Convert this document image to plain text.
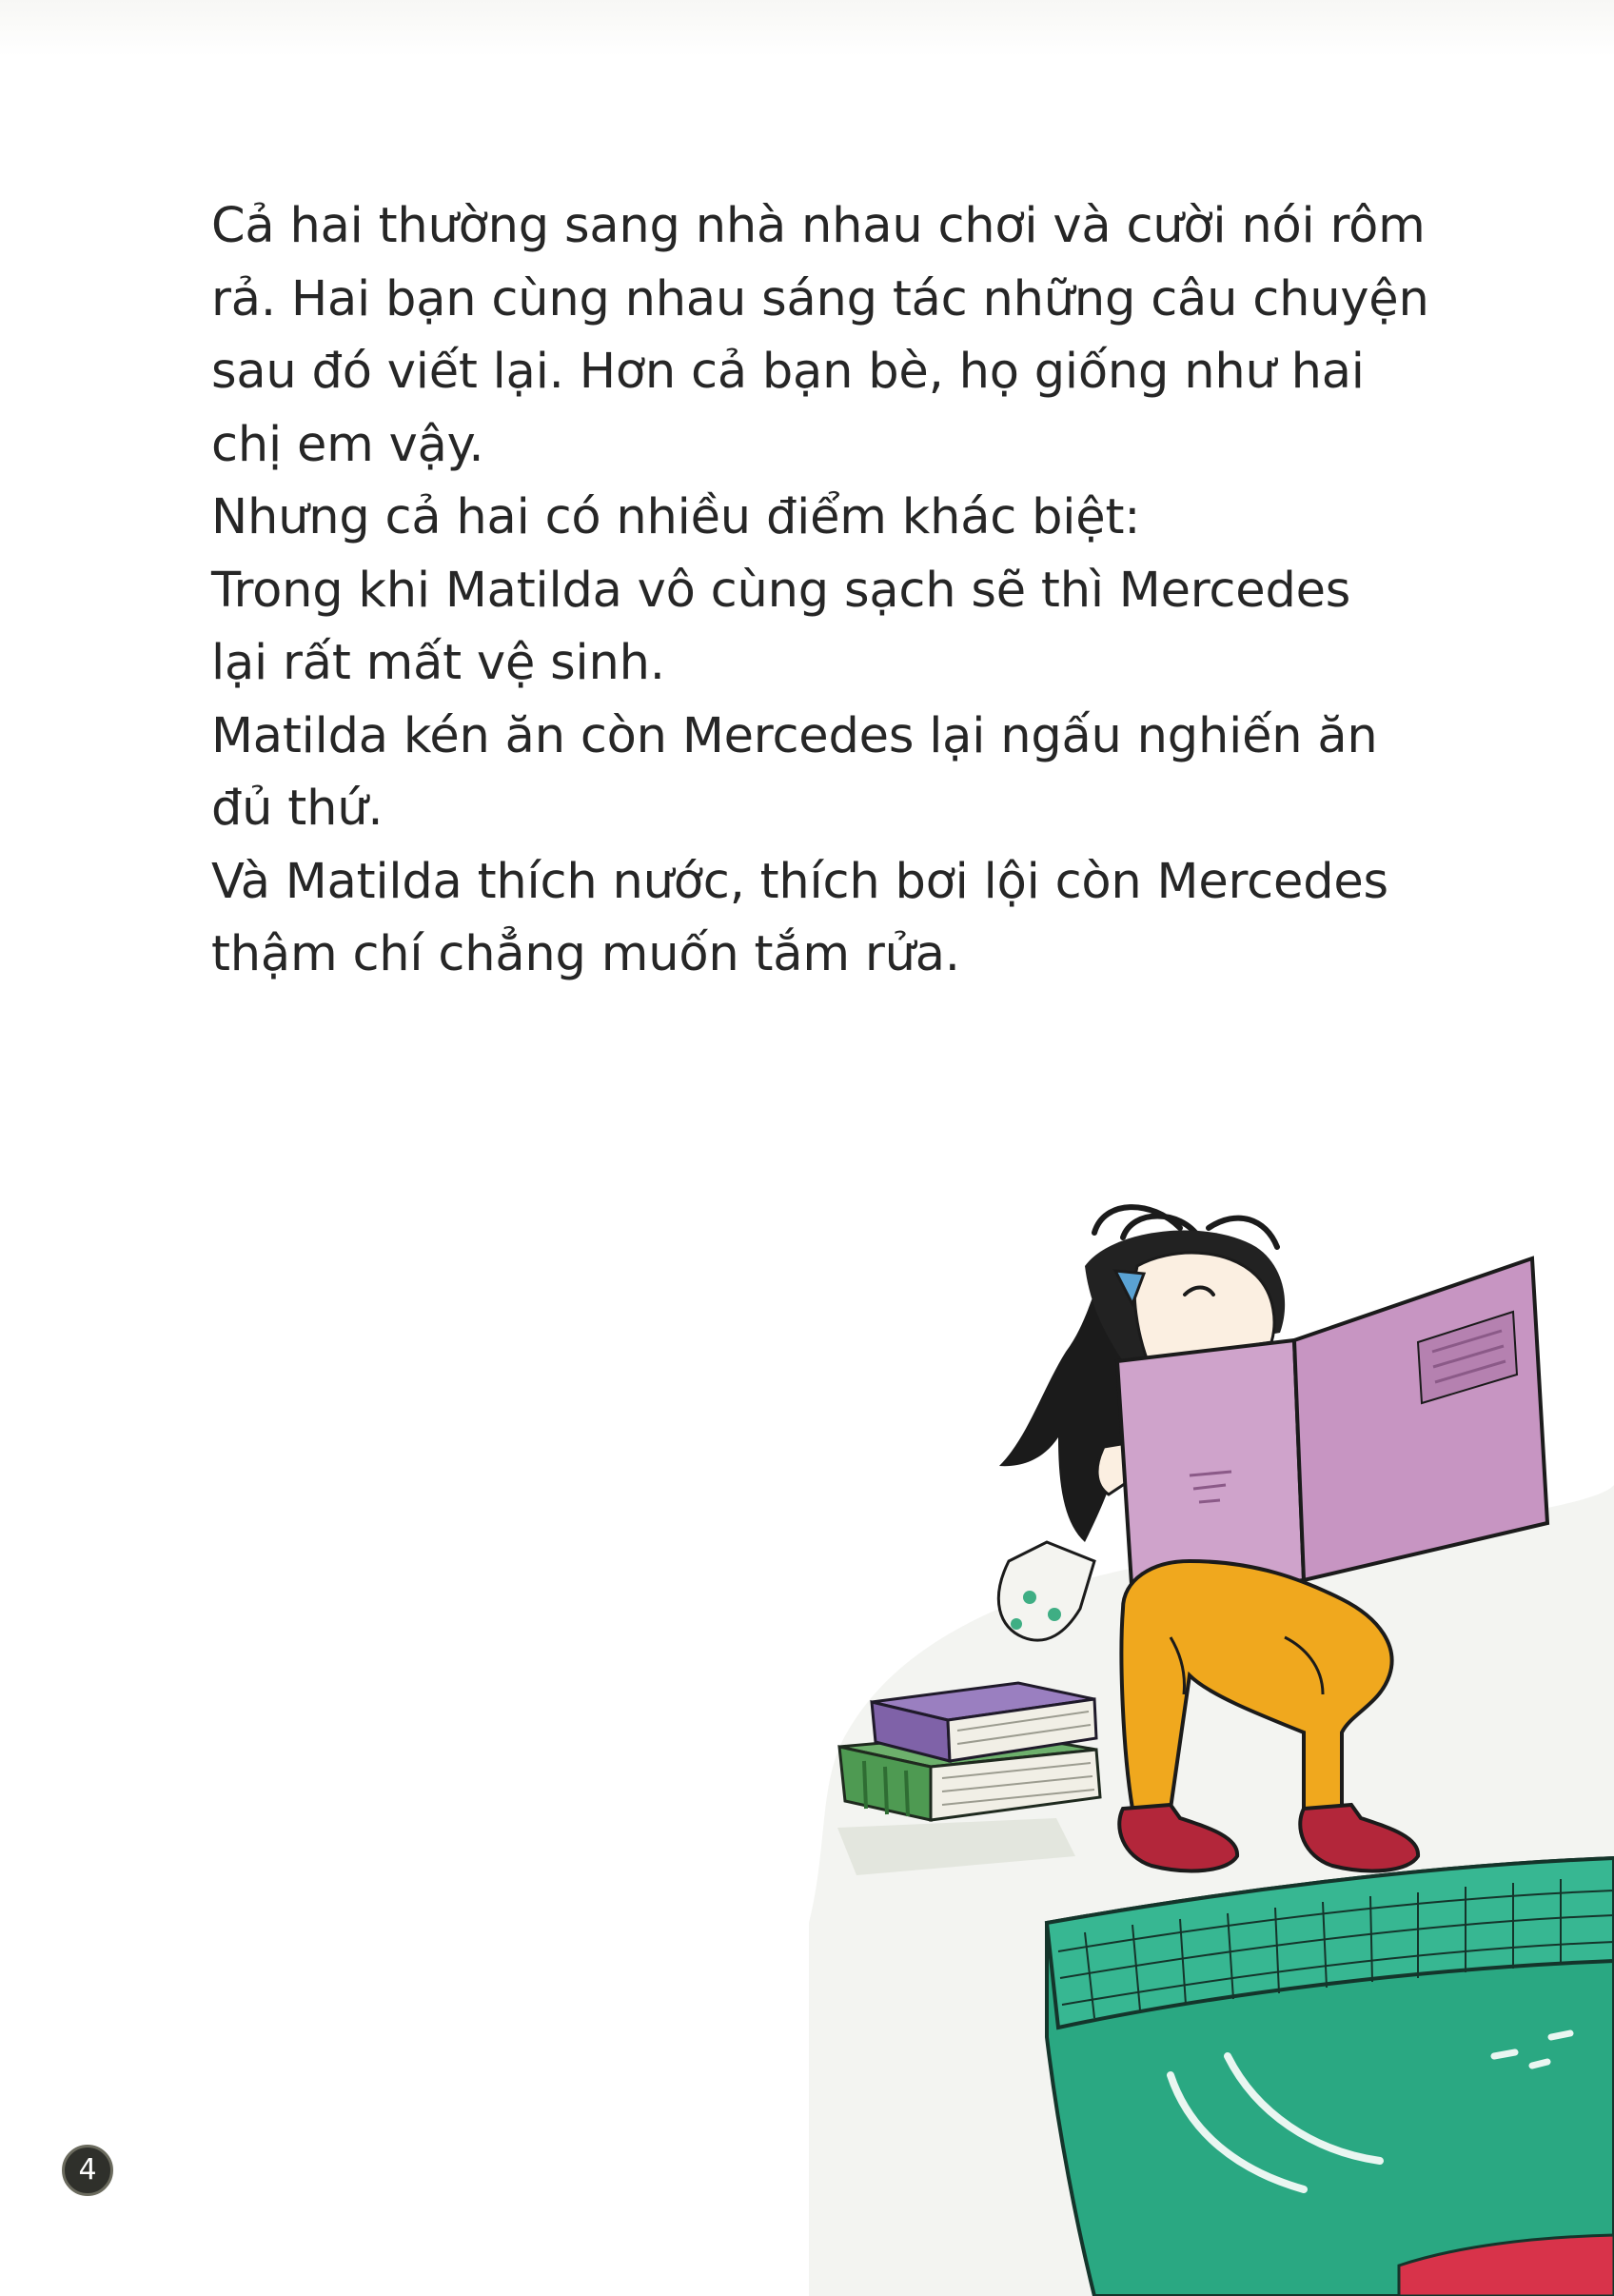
Cả hai thường sang nhà nhau chơi và cười nói rôm
rả. Hai bạn cùng nhau sáng tác những câu chuyện
sau đó viết lại. Hơn cả bạn bè, họ giống như hai
chị em vậy.
Nhưng cả hai có nhiều điểm khác biệt:
Trong khi Matilda vô cùng sạch sẽ thì Mercedes
lại rất mất vệ sinh.
Matilda kén ăn còn Mercedes lại ngấu nghiến ăn
đủ thứ.
Và Matilda thích nước, thích bơi lội còn Mercedes
thậm chí chẳng muốn tắm rửa.
4
